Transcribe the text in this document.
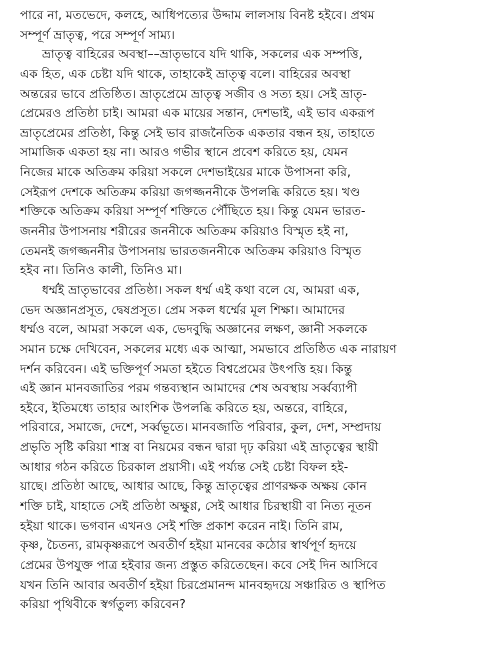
পারে না, মতভেদে, কলহে, আধিপত্যের উদ্দাম লালসায় বিনষ্ট হইবে। প্রথম
সম্পূর্ণ ভ্রাতৃত্ব, পরে সম্পূর্ণ সাম্য।
ভ্রাতৃত্ব বাহিরের অবস্থা––ভ্রাতৃভাবে যদি থাকি, সকলের এক সম্পত্তি,
এক হিত, এক চেষ্টা যদি থাকে, তাহাকেই ভ্রাতৃত্ব বলে। বাহিরের অবস্থা
অন্তরের ভাবে প্রতিষ্ঠিত। ভ্রাতৃপ্রেমে ভ্রাতৃত্ব সজীব ও সত্য হয়। সেই ভ্রাতৃ-
প্রেমেরও প্রতিষ্ঠা চাই। আমরা এক মায়ের সন্তান, দেশভাই, এই ভাব একরূপ
ভ্রাতৃপ্রেমের প্রতিষ্ঠা, কিন্তু সেই ভাব রাজনৈতিক একতার বন্ধন হয়, তাহাতে
সামাজিক একতা হয় না। আরও গভীর স্থানে প্রবেশ করিতে হয়, যেমন
নিজের মাকে অতিক্রম করিয়া সকলে দেশভাইয়ের মাকে উপাসনা করি,
সেইরূপ দেশকে অতিক্রম করিয়া জগজ্জননীকে উপলব্ধি করিতে হয়। খণ্ড
শক্তিকে অতিক্রম করিয়া সম্পূর্ণ শক্তিতে পৌঁছিতে হয়। কিন্তু যেমন ভারত-
জননীর উপাসনায় শরীরের জননীকে অতিক্রম করিয়াও বিস্মৃত হই না,
তেমনই জগজ্জননীর উপাসনায় ভারতজননীকে অতিক্রম করিয়াও বিস্মৃত
হইব না। তিনিও কালী, তিনিও মা।
ধর্ম্মই ভ্রাতৃভাবের প্রতিষ্ঠা। সকল ধর্ম্ম এই কথা বলে যে, আমরা এক,
ভেদ অজ্ঞানপ্রসূত, দ্বেষপ্রসূত। প্রেম সকল ধর্ম্মের মূল শিক্ষা। আমাদের
ধর্ম্মও বলে, আমরা সকলে এক, ভেদবুদ্ধি অজ্ঞানের লক্ষণ, জ্ঞানী সকলকে
সমান চক্ষে দেখিবেন, সকলের মধ্যে এক আত্মা, সমভাবে প্রতিষ্ঠিত এক নারায়ণ
দর্শন করিবেন। এই ভক্তিপূর্ণ সমতা হইতে বিশ্বপ্রেমের উৎপত্তি হয়। কিন্তু
এই জ্ঞান মানবজাতির পরম গন্তব্যস্থান আমাদের শেষ অবস্থায় সর্ব্বব্যাপী
হইবে, ইতিমধ্যে তাহার আংশিক উপলব্ধি করিতে হয়, অন্তরে, বাহিরে,
পরিবারে, সমাজে, দেশে, সর্ব্বভূতে। মানবজাতি পরিবার, কুল, দেশ, সম্প্রদায়
প্রভৃতি সৃষ্টি করিয়া শাস্ত্র বা নিয়মের বন্ধন দ্বারা দৃঢ় করিয়া এই ভ্রাতৃত্বের স্থায়ী
আধার গঠন করিতে চিরকাল প্রয়াসী। এই পর্য্যন্ত সেই চেষ্টা বিফল হই-
য়াছে। প্রতিষ্ঠা আছে, আধার আছে, কিন্তু ভ্রাতৃত্বের প্রাণরক্ষক অক্ষয় কোন
শক্তি চাই, যাহাতে সেই প্রতিষ্ঠা অক্ষুণ্ণ, সেই আধার চিরস্থায়ী বা নিত্য নূতন
হইয়া থাকে। ভগবান এখনও সেই শক্তি প্রকাশ করেন নাই। তিনি রাম,
কৃষ্ণ, চৈতন্য, রামকৃষ্ণরূপে অবতীর্ণ হইয়া মানবের কঠোর স্বার্থপূর্ণ হৃদয়ে
প্রেমের উপযুক্ত পাত্র হইবার জন্য প্রস্তুত করিতেছেন। কবে সেই দিন আসিবে
যখন তিনি আবার অবতীর্ণ হইয়া চিরপ্রেমানন্দ মানবহৃদয়ে সঞ্চারিত ও স্থাপিত
করিয়া পৃথিবীকে স্বর্গতুল্য করিবেন?
